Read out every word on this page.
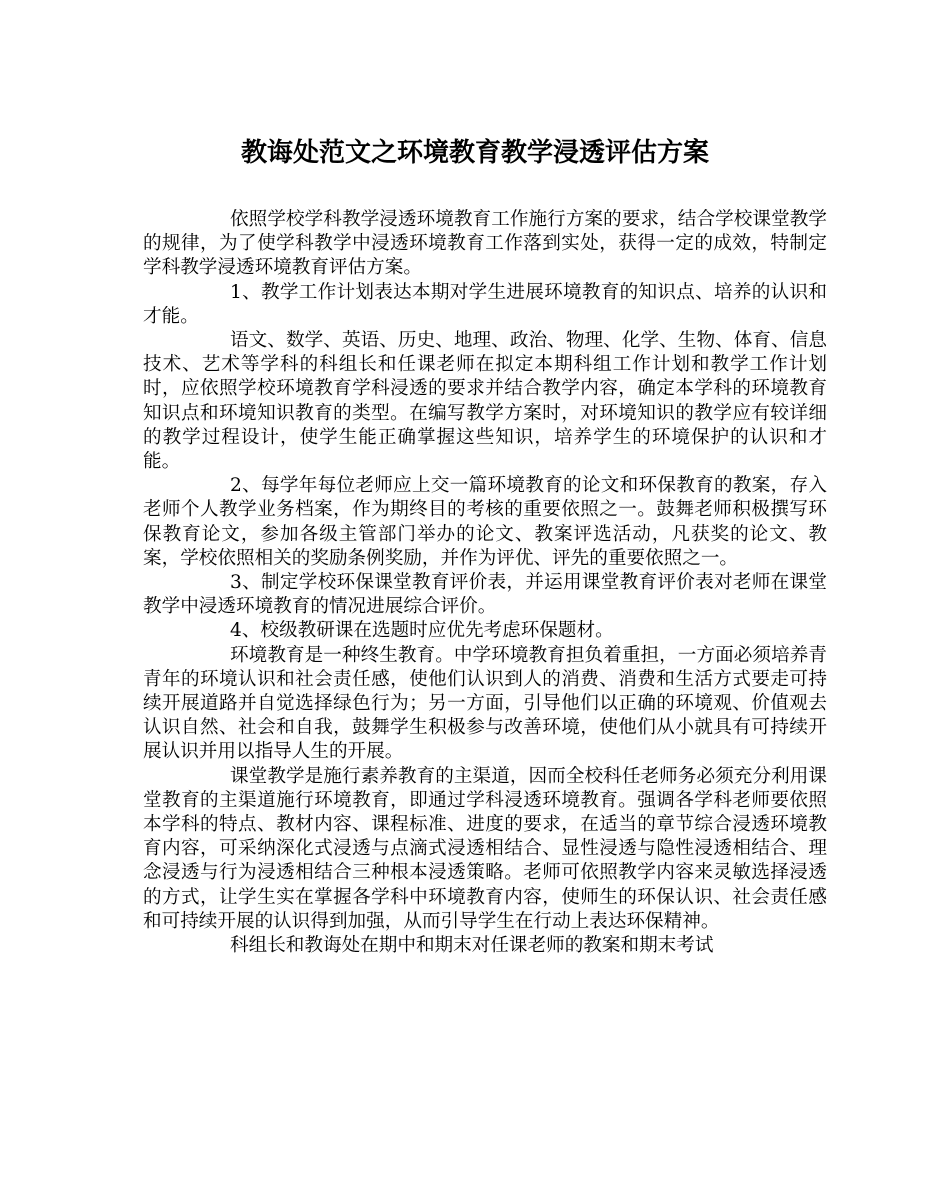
教诲处范文之环境教育教学浸透评估方案

依照学校学科教学浸透环境教育工作施行方案的要求，结合学校课堂教学的规律，为了使学科教学中浸透环境教育工作落到实处，获得一定的成效，特制定学科教学浸透环境教育评估方案。

1、教学工作计划表达本期对学生进展环境教育的知识点、培养的认识和才能。

语文、数学、英语、历史、地理、政治、物理、化学、生物、体育、信息技术、艺术等学科的科组长和任课老师在拟定本期科组工作计划和教学工作计划时，应依照学校环境教育学科浸透的要求并结合教学内容，确定本学科的环境教育知识点和环境知识教育的类型。在编写教学方案时，对环境知识的教学应有较详细的教学过程设计，使学生能正确掌握这些知识，培养学生的环境保护的认识和才能。

2、每学年每位老师应上交一篇环境教育的论文和环保教育的教案，存入老师个人教学业务档案，作为期终目的考核的重要依照之一。鼓舞老师积极撰写环保教育论文，参加各级主管部门举办的论文、教案评选活动，凡获奖的论文、教案，学校依照相关的奖励条例奖励，并作为评优、评先的重要依照之一。

3、制定学校环保课堂教育评价表，并运用课堂教育评价表对老师在课堂教学中浸透环境教育的情况进展综合评价。

4、校级教研课在选题时应优先考虑环保题材。

环境教育是一种终生教育。中学环境教育担负着重担，一方面必须培养青青年的环境认识和社会责任感，使他们认识到人的消费、消费和生活方式要走可持续开展道路并自觉选择绿色行为；另一方面，引导他们以正确的环境观、价值观去认识自然、社会和自我，鼓舞学生积极参与改善环境，使他们从小就具有可持续开展认识并用以指导人生的开展。

课堂教学是施行素养教育的主渠道，因而全校科任老师务必须充分利用课堂教育的主渠道施行环境教育，即通过学科浸透环境教育。强调各学科老师要依照本学科的特点、教材内容、课程标准、进度的要求，在适当的章节综合浸透环境教育内容，可采纳深化式浸透与点滴式浸透相结合、显性浸透与隐性浸透相结合、理念浸透与行为浸透相结合三种根本浸透策略。老师可依照教学内容来灵敏选择浸透的方式，让学生实在掌握各学科中环境教育内容，使师生的环保认识、社会责任感和可持续开展的认识得到加强，从而引导学生在行动上表达环保精神。

科组长和教诲处在期中和期末对任课老师的教案和期末考试
